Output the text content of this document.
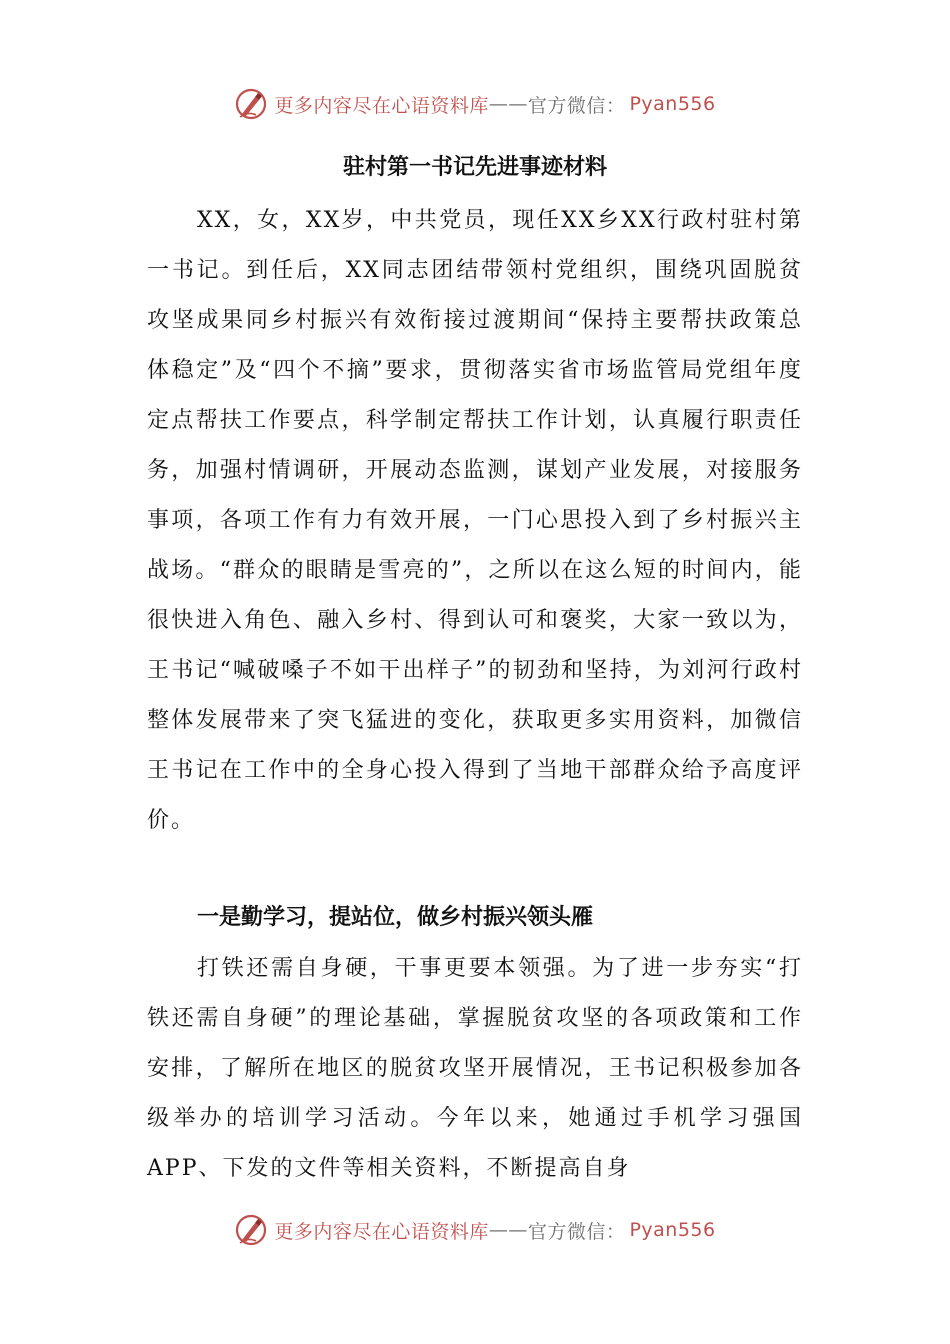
更多内容尽在心语资料库 —— 官方微信： Pyan556
驻村第一书记先进事迹材料

XX，女，XX岁，中共党员，现任XX乡XX行政村驻村第一书记。到任后，XX同志团结带领村党组织，围绕巩固脱贫攻坚成果同乡村振兴有效衔接过渡期间“保持主要帮扶政策总体稳定”及“四个不摘”要求，贯彻落实省市场监管局党组年度定点帮扶工作要点，科学制定帮扶工作计划，认真履行职责任务，加强村情调研，开展动态监测，谋划产业发展，对接服务事项，各项工作有力有效开展，一门心思投入到了乡村振兴主战场。“群众的眼睛是雪亮的”，之所以在这么短的时间内，能很快进入角色、融入乡村、得到认可和褒奖，大家一致以为，王书记“喊破嗓子不如干出样子”的韧劲和坚持，为刘河行政村整体发展带来了突飞猛进的变化，获取更多实用资料，加微信王书记在工作中的全身心投入得到了当地干部群众给予高度评价。

一是勤学习，提站位，做乡村振兴领头雁

打铁还需自身硬，干事更要本领强。为了进一步夯实“打铁还需自身硬”的理论基础，掌握脱贫攻坚的各项政策和工作安排，了解所在地区的脱贫攻坚开展情况，王书记积极参加各级举办的培训学习活动。今年以来，她通过手机学习强国APP、下发的文件等相关资料，不断提高自身

更多内容尽在心语资料库 —— 官方微信： Pyan556
